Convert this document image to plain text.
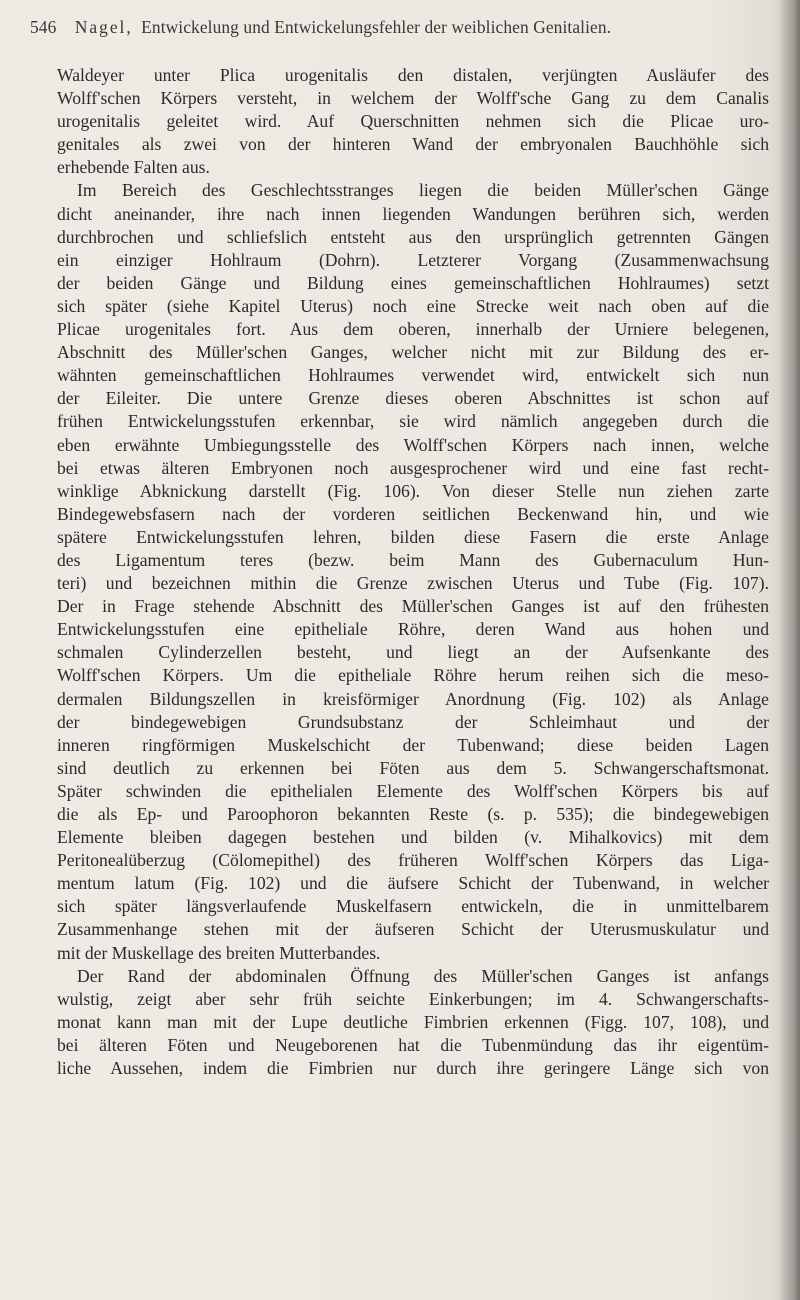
546 Nagel, Entwickelung und Entwickelungsfehler der weiblichen Genitalien.
Waldeyer unter Plica urogenitalis den distalen, verjüngten Ausläufer des
Wolff'schen Körpers versteht, in welchem der Wolff'sche Gang zu dem Canalis
urogenitalis geleitet wird. Auf Querschnitten nehmen sich die Plicae uro-
genitales als zwei von der hinteren Wand der embryonalen Bauchhöhle sich
erhebende Falten aus.
Im Bereich des Geschlechtsstranges liegen die beiden Müller'schen Gänge
dicht aneinander, ihre nach innen liegenden Wandungen berühren sich, werden
durchbrochen und schliefslich entsteht aus den ursprünglich getrennten Gängen
ein einziger Hohlraum (Dohrn). Letzterer Vorgang (Zusammenwachsung
der beiden Gänge und Bildung eines gemeinschaftlichen Hohlraumes) setzt
sich später (siehe Kapitel Uterus) noch eine Strecke weit nach oben auf die
Plicae urogenitales fort. Aus dem oberen, innerhalb der Urniere belegenen,
Abschnitt des Müller'schen Ganges, welcher nicht mit zur Bildung des er-
wähnten gemeinschaftlichen Hohlraumes verwendet wird, entwickelt sich nun
der Eileiter. Die untere Grenze dieses oberen Abschnittes ist schon auf
frühen Entwickelungsstufen erkennbar, sie wird nämlich angegeben durch die
eben erwähnte Umbiegungsstelle des Wolff'schen Körpers nach innen, welche
bei etwas älteren Embryonen noch ausgesprochener wird und eine fast recht-
winklige Abknickung darstellt (Fig. 106). Von dieser Stelle nun ziehen zarte
Bindegewebsfasern nach der vorderen seitlichen Beckenwand hin, und wie
spätere Entwickelungsstufen lehren, bilden diese Fasern die erste Anlage
des Ligamentum teres (bezw. beim Mann des Gubernaculum Hun-
teri) und bezeichnen mithin die Grenze zwischen Uterus und Tube (Fig. 107).
Der in Frage stehende Abschnitt des Müller'schen Ganges ist auf den frühesten
Entwickelungsstufen eine epitheliale Röhre, deren Wand aus hohen und
schmalen Cylinderzellen besteht, und liegt an der Aufsenkante des
Wolff'schen Körpers. Um die epitheliale Röhre herum reihen sich die meso-
dermalen Bildungszellen in kreisförmiger Anordnung (Fig. 102) als Anlage
der bindegewebigen Grundsubstanz der Schleimhaut und der
inneren ringförmigen Muskelschicht der Tubenwand; diese beiden Lagen
sind deutlich zu erkennen bei Föten aus dem 5. Schwangerschaftsmonat.
Später schwinden die epithelialen Elemente des Wolff'schen Körpers bis auf
die als Ep- und Paroophoron bekannten Reste (s. p. 535); die bindegewebigen
Elemente bleiben dagegen bestehen und bilden (v. Mihalkovics) mit dem
Peritonealüberzug (Cölomepithel) des früheren Wolff'schen Körpers das Liga-
mentum latum (Fig. 102) und die äufsere Schicht der Tubenwand, in welcher
sich später längsverlaufende Muskelfasern entwickeln, die in unmittelbarem
Zusammenhange stehen mit der äufseren Schicht der Uterusmuskulatur und
mit der Muskellage des breiten Mutterbandes.
Der Rand der abdominalen Öffnung des Müller'schen Ganges ist anfangs
wulstig, zeigt aber sehr früh seichte Einkerbungen; im 4. Schwangerschafts-
monat kann man mit der Lupe deutliche Fimbrien erkennen (Figg. 107, 108), und
bei älteren Föten und Neugeborenen hat die Tubenmündung das ihr eigentüm-
liche Aussehen, indem die Fimbrien nur durch ihre geringere Länge sich von
